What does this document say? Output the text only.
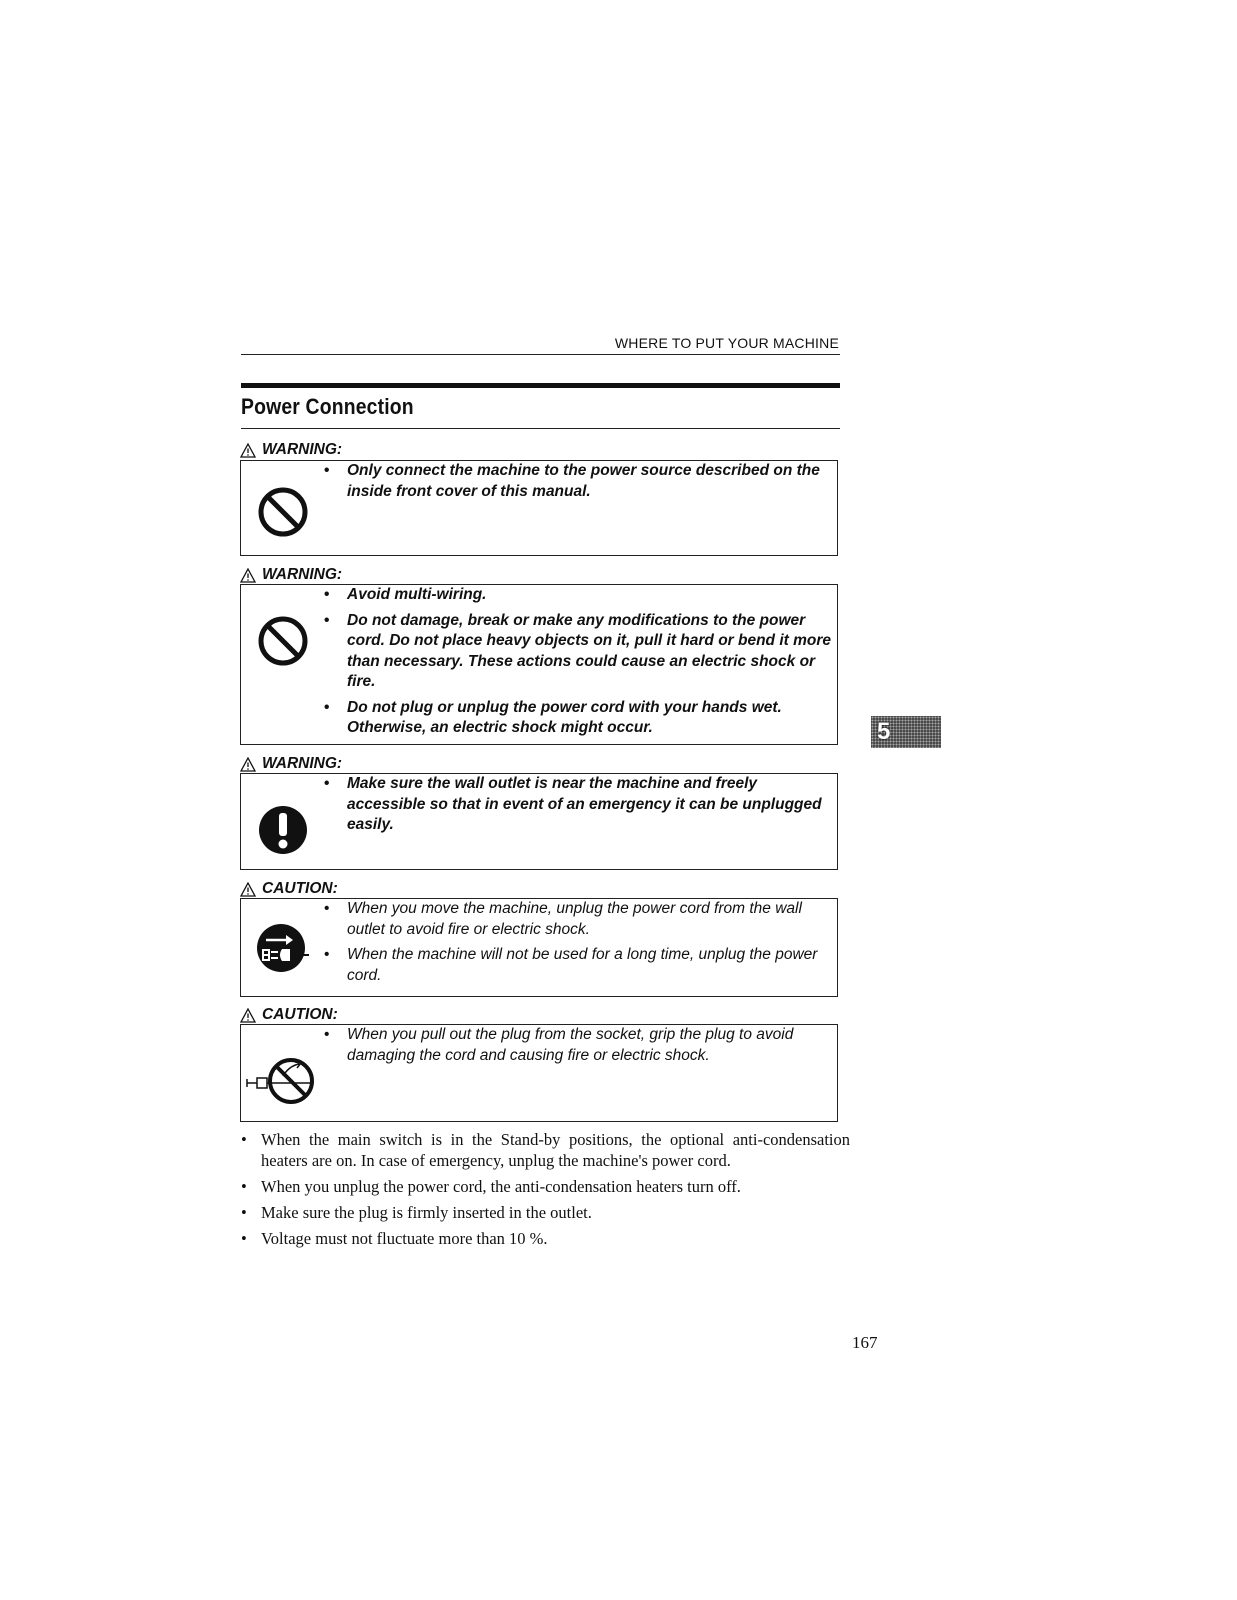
WHERE TO PUT YOUR MACHINE
Power Connection
WARNING:
• Only connect the machine to the power source described on the inside front cover of this manual.
WARNING:
• Avoid multi-wiring.
• Do not damage, break or make any modifications to the power cord. Do not place heavy objects on it, pull it hard or bend it more than necessary. These actions could cause an electric shock or fire.
• Do not plug or unplug the power cord with your hands wet. Otherwise, an electric shock might occur.
WARNING:
• Make sure the wall outlet is near the machine and freely accessible so that in event of an emergency it can be unplugged easily.
CAUTION:
• When you move the machine, unplug the power cord from the wall outlet to avoid fire or electric shock.
• When the machine will not be used for a long time, unplug the power cord.
CAUTION:
• When you pull out the plug from the socket, grip the plug to avoid damaging the cord and causing fire or electric shock.
5
• When the main switch is in the Stand-by positions, the optional anti-condensation heaters are on. In case of emergency, unplug the machine's power cord.
• When you unplug the power cord, the anti-condensation heaters turn off.
• Make sure the plug is firmly inserted in the outlet.
• Voltage must not fluctuate more than 10 %.
167
